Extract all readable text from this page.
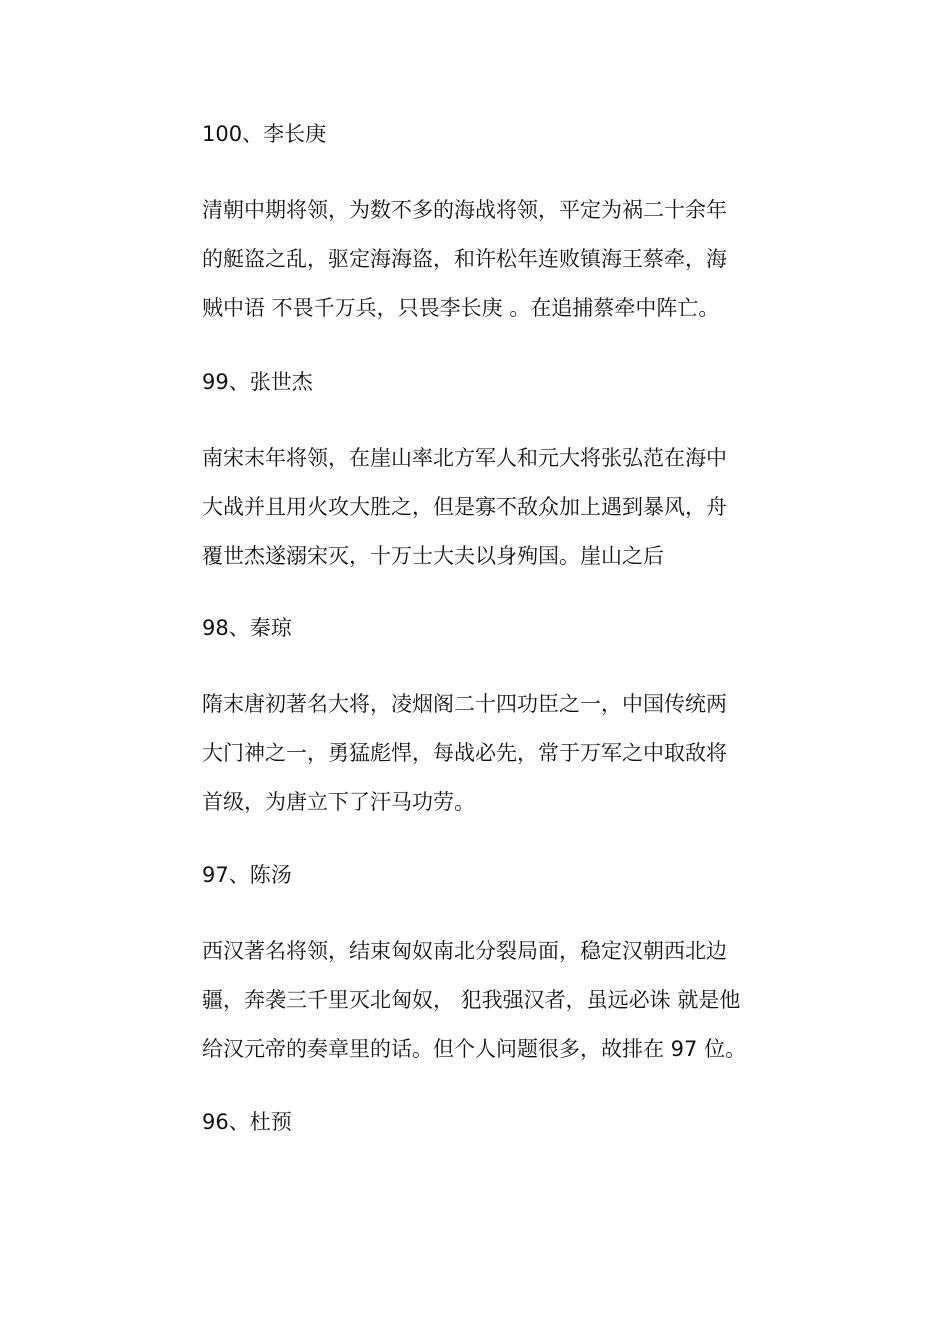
100、李长庚

清朝中期将领，为数不多的海战将领，平定为祸二十余年
的艇盗之乱，驱定海海盗，和许松年连败镇海王蔡牵，海
贼中语 不畏千万兵，只畏李长庚 。在追捕蔡牵中阵亡。

99、张世杰

南宋末年将领，在崖山率北方军人和元大将张弘范在海中
大战并且用火攻大胜之，但是寡不敌众加上遇到暴风，舟
覆世杰遂溺宋灭，十万士大夫以身殉国。崖山之后

98、秦琼

隋末唐初著名大将，凌烟阁二十四功臣之一，中国传统两
大门神之一，勇猛彪悍，每战必先，常于万军之中取敌将
首级，为唐立下了汗马功劳。

97、陈汤

西汉著名将领，结束匈奴南北分裂局面，稳定汉朝西北边
疆，奔袭三千里灭北匈奴， 犯我强汉者，虽远必诛 就是他
给汉元帝的奏章里的话。但个人问题很多，故排在 97 位。

96、杜预
